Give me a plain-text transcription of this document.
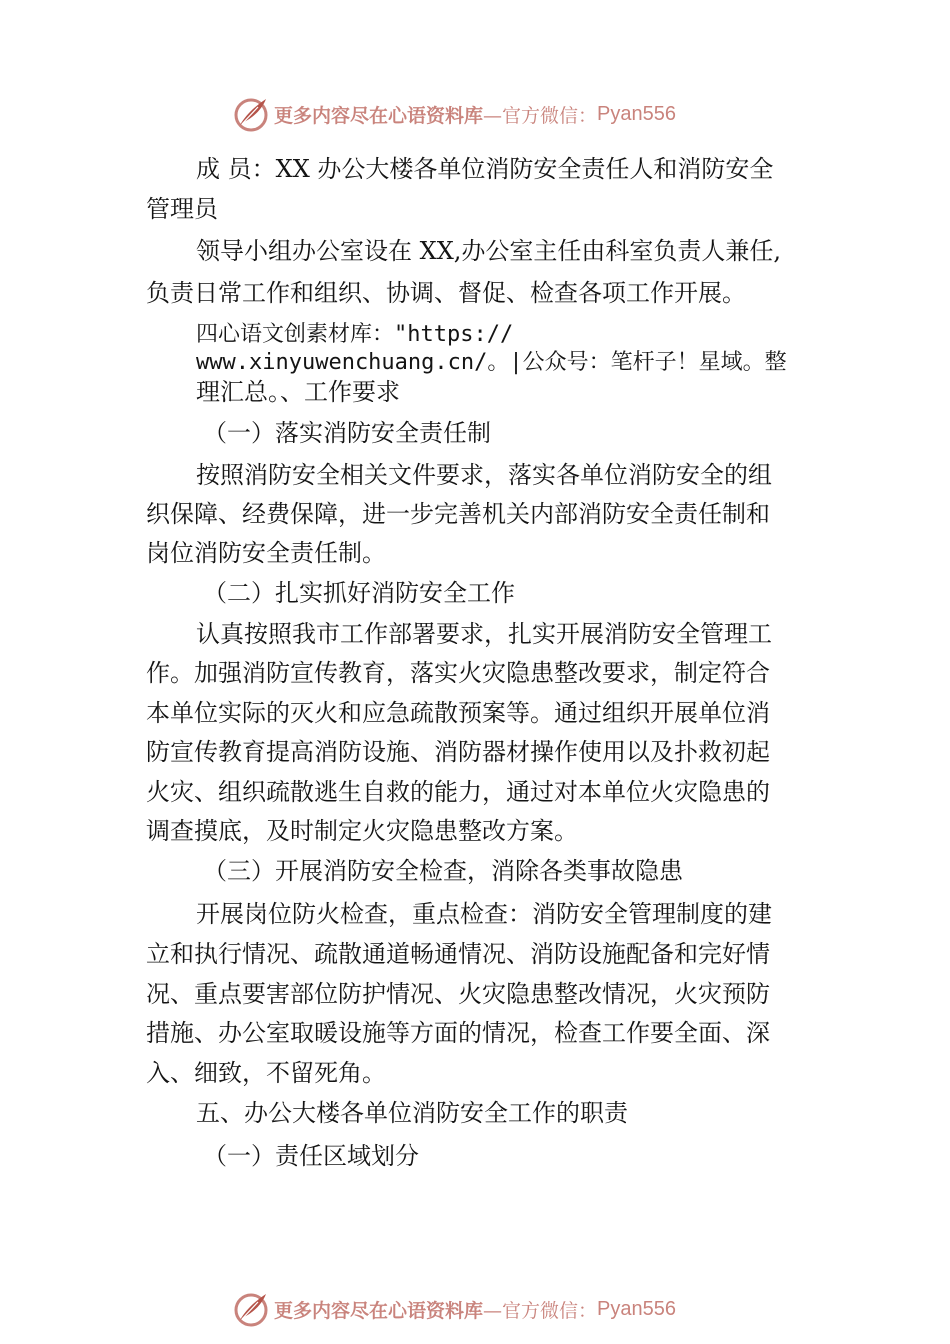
更多内容尽在心语资料库 —官方微信： Pyan556
成 员：XX 办公大楼各单位消防安全责任人和消防安全
管理员
领导小组办公室设在 XX,办公室主任由科室负责人兼任,
负责日常工作和组织、协调、督促、检查各项工作开展。
四心语文创素材库："https://
www.xinyuwenchuang.cn/。|公众号：笔杆子！星域。整
理汇总。、工作要求
（一）落实消防安全责任制
按照消防安全相关文件要求，落实各单位消防安全的组
织保障、经费保障，进一步完善机关内部消防安全责任制和
岗位消防安全责任制。
（二）扎实抓好消防安全工作
认真按照我市工作部署要求，扎实开展消防安全管理工
作。加强消防宣传教育，落实火灾隐患整改要求，制定符合
本单位实际的灭火和应急疏散预案等。通过组织开展单位消
防宣传教育提高消防设施、消防器材操作使用以及扑救初起
火灾、组织疏散逃生自救的能力，通过对本单位火灾隐患的
调查摸底，及时制定火灾隐患整改方案。
（三）开展消防安全检查，消除各类事故隐患
开展岗位防火检查，重点检查：消防安全管理制度的建
立和执行情况、疏散通道畅通情况、消防设施配备和完好情
况、重点要害部位防护情况、火灾隐患整改情况，火灾预防
措施、办公室取暖设施等方面的情况，检查工作要全面、深
入、细致，不留死角。
五、办公大楼各单位消防安全工作的职责
（一）责任区域划分
更多内容尽在心语资料库 —官方微信： Pyan556
